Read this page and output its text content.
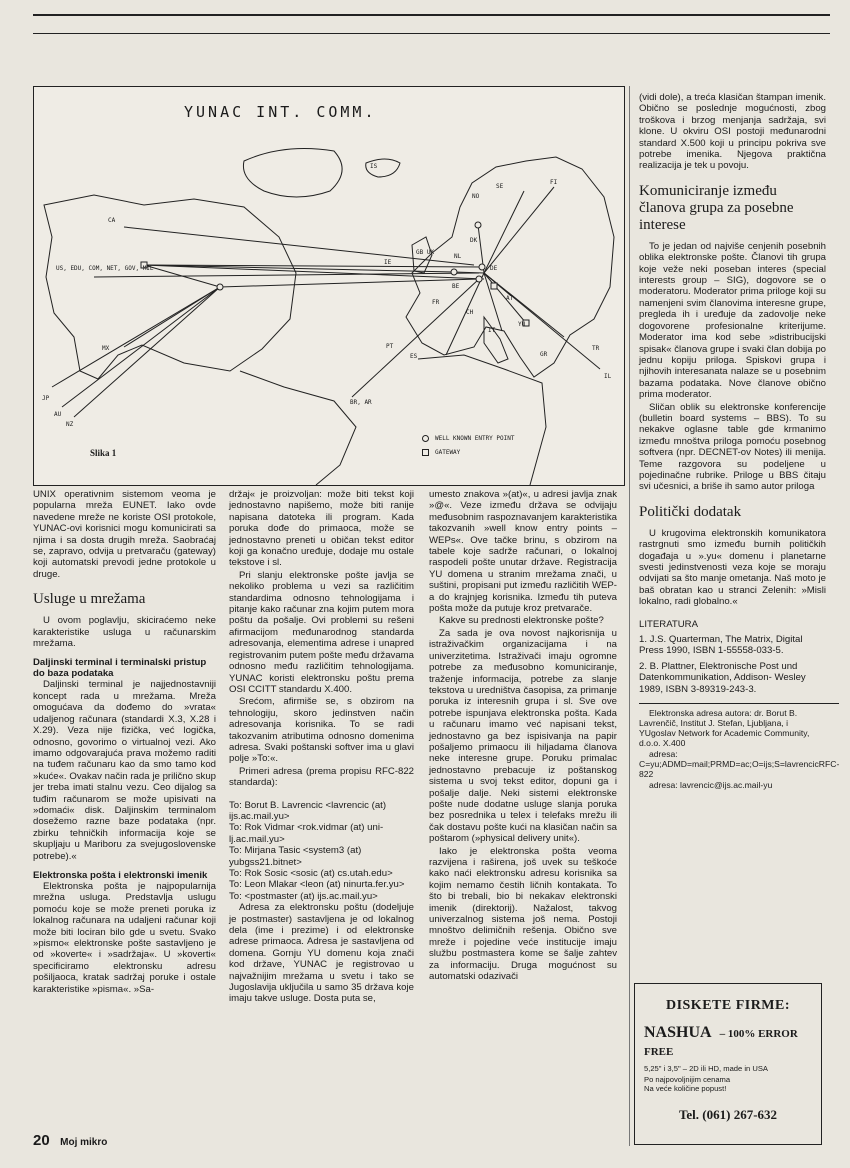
YUNAC INT. COMM.
CA
US, EDU, COM, NET, GOV, MIL
MX
JP
AU
NZ
BR, AR
IS
NO
SE
FI
DK
IE
GB UK
NL
BE
DE
FR
CH
AT
IT
YU
PT
ES	GR
TR
IL
Slika 1
WELL KNOWN ENTRY POINT
GATEWAY

UNIX operativnim sistemom veoma je popularna mreža EUNET. Iako ovde navedene mreže ne koriste OSI protokole, YUNAC-ovi korisnici mogu komunicirati sa njima i sa dosta drugih mreža. Saobraćaj se, zapravo, odvija u pretvaraču (gateway) koji automatski prevodi jedne protokole u druge.

Usluge u mrežama

U ovom poglavlju, skiciraćemo neke karakteristike usluga u računarskim mrežama.

Daljinski terminal i terminalski pristup do baza podataka

Daljinski terminal je najjednostavniji koncept rada u mrežama. Mreža omogućava da dođemo do »vrata« udaljenog računara (standardi X.3, X.28 i X.29). Veza nije fizička, već logička, odnosno, govorimo o virtualnoj vezi. Ako imamo odgovarajuća prava možemo raditi na tuđem računaru kao da smo tamo kod »kuće«. Ovakav način rada je prilično skup jer treba imati stalnu vezu. Ceo dijalog sa tuđim računarom se može upisivati na »domaći« disk. Daljinskim terminalom dosežemo razne baze podataka (npr. zbirku tehničkih informacija koje se skupljaju u Mariboru za svejugoslovenske potrebe).«

Elektronska pošta i elektronski imenik

Elektronska pošta je najpopularnija mrežna usluga. Predstavlja uslugu pomoću koje se može preneti poruka iz lokalnog računara na udaljeni računar koji može biti lociran bilo gde u svetu. Svako »pismo« elektronske pošte sastavljeno je od »koverte« i »sadržaja«. U »koverti« specificiramo elektronsku adresu pošiljaoca, kratak sadržaj poruke i ostale karakteristike »pisma«. »Sa-

držaj« je proizvoljan: može biti tekst koji jednostavno napišemo, može biti ranije napisana datoteka ili program. Kada poruka dođe do primaoca, može se jednostavno preneti u običan tekst editor koji ga konačno uređuje, dodaje mu ostale tekstove i sl.

Pri slanju elektronske pošte javlja se nekoliko problema u vezi sa različitim standardima odnosno tehnologijama i pitanje kako računar zna kojim putem mora poštu da pošalje. Ovi problemi su rešeni afirmacijom međunarodnog standarda adresovanja, elementima adrese i unapred registrovanim putem pošte među državama odnosno među različitim tehnologijama. YUNAC koristi elektronsku poštu prema OSI CCITT standardu X.400.

Srećom, afirmiše se, s obzirom na tehnologiju, skoro jedinstven način adresovanja korisnika. To se radi takozvanim atributima odnosno domenima adresa. Svaki poštanski softver ima u glavi polje »To:«.

Primeri adresa (prema propisu RFC-822 standarda):

To: Borut B. Lavrencic <lavrencic (at) ijs.ac.mail.yu>

To: Rok Vidmar <rok.vidmar (at) uni-lj.ac.mail.yu>

To: Mirjana Tasic <system3 (at) yubgss21.bitnet>

To: Rok Sosic <sosic (at) cs.utah.edu>

To: Leon Mlakar <leon (at) ninurta.fer.yu>

To: <postmaster (at) ijs.ac.mail.yu>

Adresa za elektronsku poštu (dodeljuje je postmaster) sastavljena je od lokalnog dela (ime i prezime) i od elektronske adrese primaoca. Adresa je sastavljena od domena. Gornju YU domenu koja znači kod države, YUNAC je registrovao u najvažnijim mrežama u svetu i tako se Jugoslavija uključila u samo 35 država koje imaju takve usluge. Dosta puta se,

umesto znakova »(at)«, u adresi javlja znak »@«. Veze između država se odvijaju međusobnim raspoznavanjem karakteristika takozvanih »well know entry points – WEPs«. Ove tačke brinu, s obzirom na tabele koje sadrže računari, o lokalnoj raspodeli pošte unutar države. Registracija YU domena u stranim mrežama znači, u suštini, propisani put između različitih WEP-a do krajnjeg korisnika. Između tih puteva pošta može da putuje kroz pretvarače.

Kakve su prednosti elektronske pošte?

Za sada je ova novost najkorisnija u istraživačkim organizacijama i na univerzitetima. Istraživači imaju ogromne potrebe za međusobno komuniciranje, traženje informacija, potrebe za slanje tekstova u uredništva časopisa, za primanje poruka iz interesnih grupa i sl. Sve ove potrebe ispunjava elektronska pošta. Kada u računaru imamo već napisani tekst, jednostavno ga bez ispisivanja na papir pošaljemo primaocu ili hiljadama članova neke interesne grupe. Poruku primalac jednostavno prebacuje iz poštanskog sistema u svoj tekst editor, dopuni ga i pošalje dalje. Neki sistemi elektronske pošte nude dodatne usluge slanja poruka bez posrednika u telex i telefaks mrežu ili čak dostavu pošte kući na klasičan način sa poštarom (»physical delivery unit«).

Iako je elektronska pošta veoma razvijena i raširena, još uvek su teškoće kako naći elektronsku adresu korisnika sa kojim nemamo čestih ličnih kontakata. To što bi trebali, bio bi nekakav elektronski imenik (direktorij). Nažalost, takvog univerzalnog sistema još nema. Postoji mnoštvo delimičnih rešenja. Obično sve mreže i pojedine veće institucije imaju službu postmastera kome se šalje zahtev za informaciju. Druga mogućnost su automatski odazivači

(vidi dole), a treća klasičan štampan imenik. Obično se poslednje mogućnosti, zbog troškova i brzog menjanja sadržaja, svi klone. U okviru OSI postoji međunarodni standard X.500 koji u principu pokriva sve potrebe imenika. Njegova praktična realizacija je tek u povoju.

Komuniciranje između članova grupa za posebne interese

To je jedan od najviše cenjenih posebnih oblika elektronske pošte. Članovi tih grupa koje veže neki poseban interes (special interests group – SIG), dogovore se o moderatoru. Moderator prima priloge koji su namenjeni svim članovima interesne grupe, pregleda ih i uređuje da zadovolje neke dogovorene profesionalne kriterijume. Moderator ima kod sebe »distribucijski spisak« članova grupe i svaki član dobija po jednu kopiju priloga. Spiskovi grupa i njihovih interesanata nalaze se u posebnim bazama podataka. Nove članove obično prima moderator.

Sličan oblik su elektronske konferencije (bulletin board systems – BBS). To su nekakve oglasne table gde krmanimo između mnoštva priloga pomoću posebnog softvera (npr. DECNET-ov Notes) ili menija. Teme razgovora su podeljene u pojedinačne rubrike. Priloge u BBS čitaju svi učesnici, a briše ih samo autor priloga

Politički dodatak

U krugovima elektronskih komunikatora rastrgnuti smo između burnih političkih događaja u ».yu« domenu i planetarne svesti jedinstvenosti veza koje se moraju odvijati sa što manje ometanja. Naš moto je baš obratan kao u stranci Zelenih: »Misli lokalno, radi globalno.«

LITERATURA

1. J.S. Quarterman, The Matrix, Digital Press 1990, ISBN 1-55558-033-5.

2. B. Plattner, Elektronische Post und Datenkommunikation, Addison- Wesley 1989, ISBN 3-89319-243-3.

Elektronska adresa autora: dr. Borut B. Lavrenčič, Institut J. Stefan, Ljubljana, i YUgoslav Network for Academic Community, d.o.o. X.400

adresa: C=yu;ADMD=mail;PRMD=ac;O=ijs;S=lavrencicRFC-822

adresa: lavrencic@ijs.ac.mail-yu

DISKETE FIRME:
NASHUA – 100% ERROR
FREE
5,25" i 3,5" – 2D ili HD, made in USA
Po najpovoljnijim cenama
Na veće količine popust!
Tel. (061) 267-632
20 Moj mikro
